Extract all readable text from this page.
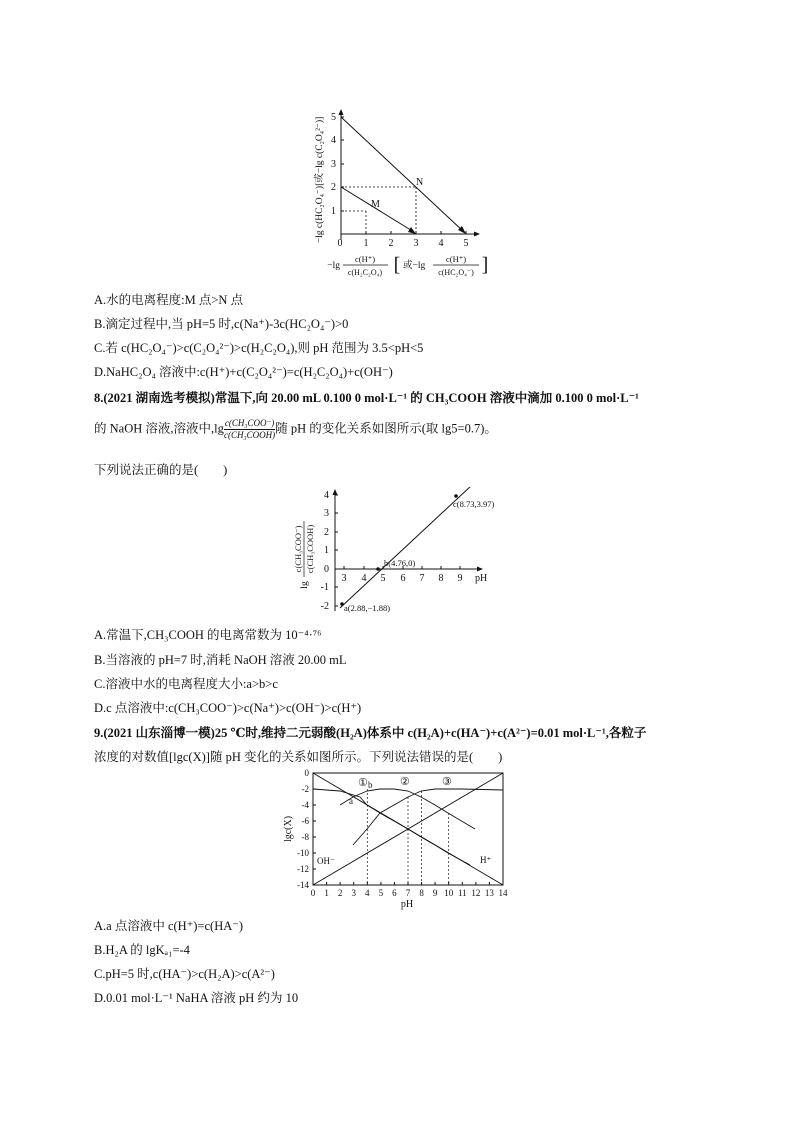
0 1 2 3 4 5
1
2
3
4
5
N
M
−lg c(HC₂O₄⁻)[或−lg c(C₂O₄²⁻)]
−lg
c(H⁺)
c(H₂C₂O₄) [ 或−lg
c(H⁺)
c(HC₂O₄⁻) ]
A.水的电离程度:M 点>N 点
B.滴定过程中,当 pH=5 时,c(Na⁺)-3c(HC₂O₄⁻)>0
C.若 c(HC₂O₄⁻)>c(C₂O₄²⁻)>c(H₂C₂O₄),则 pH 范围为 3.5<pH<5
D.NaHC₂O₄ 溶液中:c(H⁺)+c(C₂O₄²⁻)=c(H₂C₂O₄)+c(OH⁻)
8.(2021 湖南选考模拟)常温下,向 20.00 mL 0.100 0 mol·L⁻¹ 的 CH₃COOH 溶液中滴加 0.100 0 mol·L⁻¹
的 NaOH 溶液,溶液中,lg c(CH₃COO⁻)
c(CH₃COOH) 随 pH 的变化关系如图所示(取 lg5=0.7)。
下列说法正确的是(　　)
4
3
2
1
0
-1
-2
3 4 5 6 7 8 9 pH
a(2.88,−1.88)
b(4.76,0)
c(8.73,3.97)
lg
c(CH₃COO⁻) c(CH₃COOH)
A.常温下,CH₃COOH 的电离常数为 10⁻⁴·⁷⁶
B.当溶液的 pH=7 时,消耗 NaOH 溶液 20.00 mL
C.溶液中水的电离程度大小:a>b>c
D.c 点溶液中:c(CH₃COO⁻)>c(Na⁺)>c(OH⁻)>c(H⁺)
9.(2021 山东淄博一模)25 ℃时,维持二元弱酸(H₂A)体系中 c(H₂A)+c(HA⁻)+c(A²⁻)=0.01 mol·L⁻¹,各粒子
浓度的对数值[lgc(X)]随 pH 变化的关系如图所示。下列说法错误的是(　　)
0
-2
-4
-6
-8
-10
-12
-14
0 1 2 3 4 5 6 7 8 9 10 11 12 13 14
pH
lgc(X)
①	②	③
a
b
OH⁻	H⁺
A.a 点溶液中 c(H⁺)=c(HA⁻)
B.H₂A 的 lgKₐ₁=-4
C.pH=5 时,c(HA⁻)>c(H₂A)>c(A²⁻)
D.0.01 mol·L⁻¹ NaHA 溶液 pH 约为 10
